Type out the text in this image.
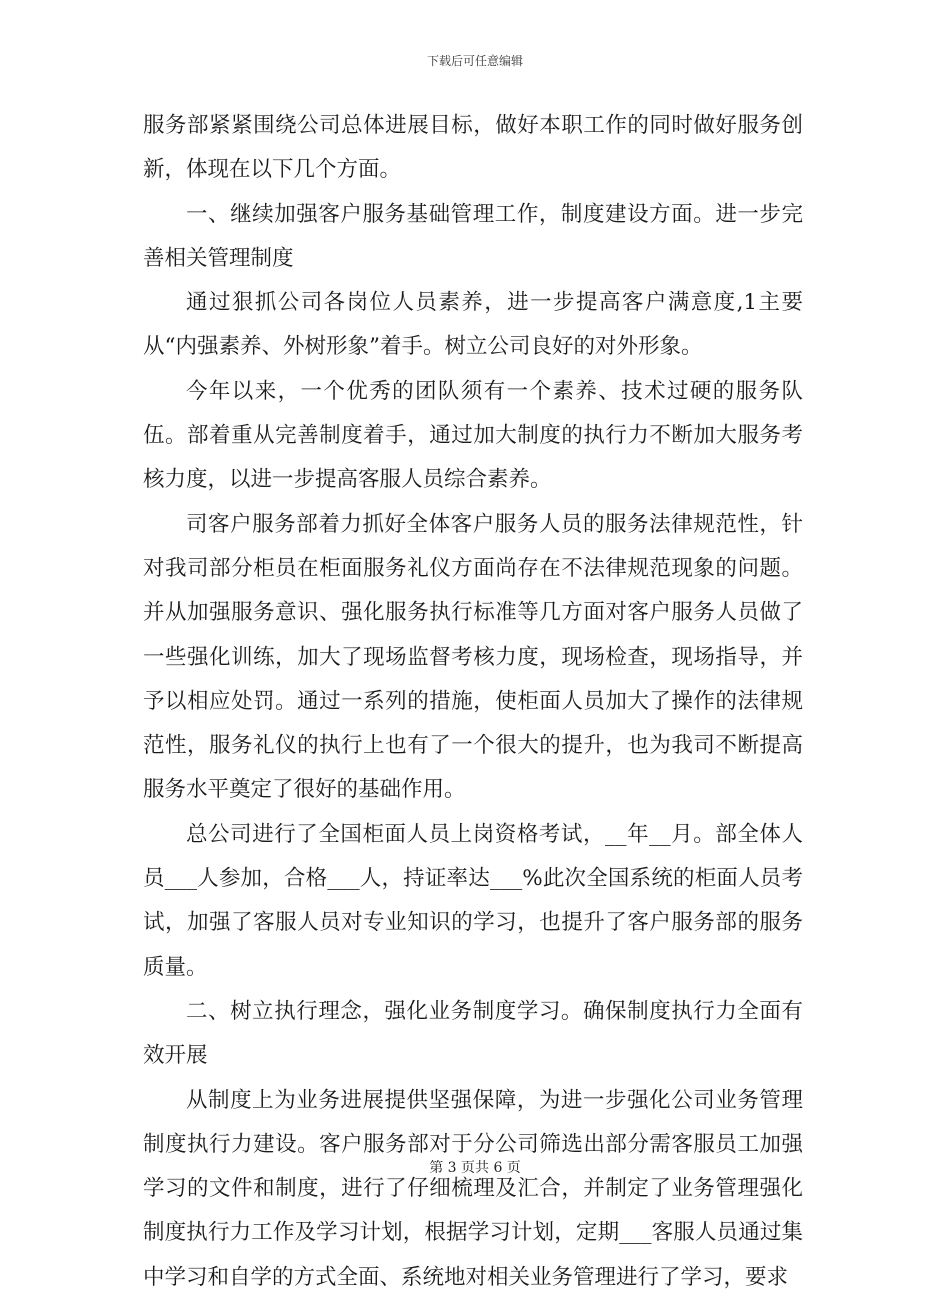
下载后可任意编辑

服务部紧紧围绕公司总体进展目标，做好本职工作的同时做好服务创新，体现在以下几个方面。

一、继续加强客户服务基础管理工作，制度建设方面。进一步完善相关管理制度

通过狠抓公司各岗位人员素养，进一步提高客户满意度,1主要从“内强素养、外树形象”着手。树立公司良好的对外形象。

今年以来，一个优秀的团队须有一个素养、技术过硬的服务队伍。部着重从完善制度着手，通过加大制度的执行力不断加大服务考核力度，以进一步提高客服人员综合素养。

司客户服务部着力抓好全体客户服务人员的服务法律规范性，针对我司部分柜员在柜面服务礼仪方面尚存在不法律规范现象的问题。并从加强服务意识、强化服务执行标准等几方面对客户服务人员做了一些强化训练，加大了现场监督考核力度，现场检查，现场指导，并予以相应处罚。通过一系列的措施，使柜面人员加大了操作的法律规范性，服务礼仪的执行上也有了一个很大的提升，也为我司不断提高服务水平奠定了很好的基础作用。

总公司进行了全国柜面人员上岗资格考试，__年__月。部全体人员___人参加，合格___人，持证率达___%此次全国系统的柜面人员考试，加强了客服人员对专业知识的学习，也提升了客户服务部的服务质量。

二、树立执行理念，强化业务制度学习。确保制度执行力全面有效开展

从制度上为业务进展提供坚强保障，为进一步强化公司业务管理制度执行力建设。客户服务部对于分公司筛选出部分需客服员工加强学习的文件和制度，进行了仔细梳理及汇合，并制定了业务管理强化制度执行力工作及学习计划，根据学习计划，定期___客服人员通过集中学习和自学的方式全面、系统地对相关业务管理进行了学习，要求

第 3 页共 6 页
